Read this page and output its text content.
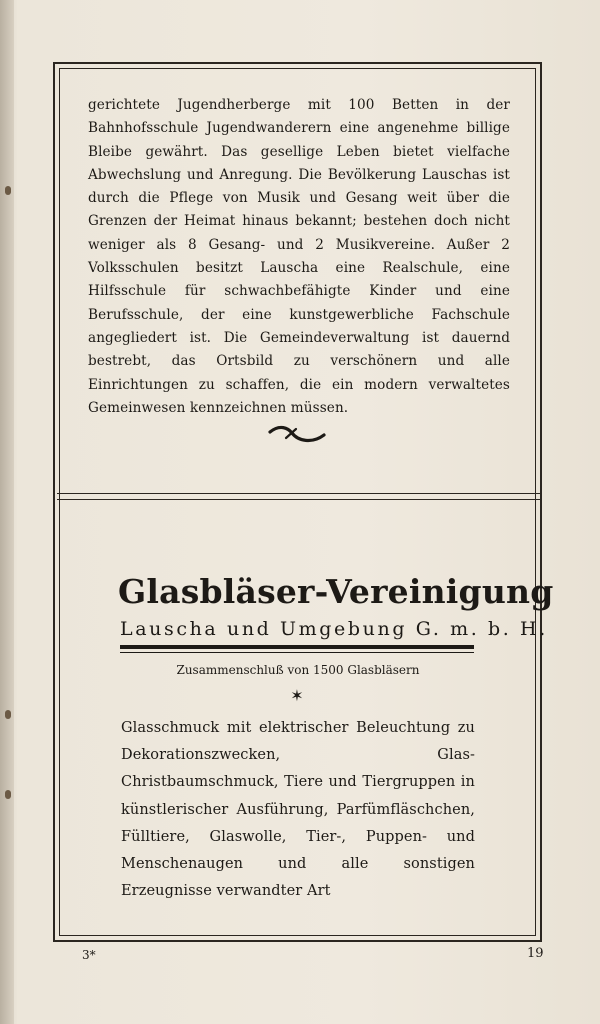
gerichtete Jugendherberge mit 100 Betten in der Bahnhofsschule Jugendwanderern eine angenehme billige Bleibe gewährt. Das gesellige Leben bietet vielfache Abwechslung und Anregung. Die Bevölkerung Lauschas ist durch die Pflege von Musik und Gesang weit über die Grenzen der Heimat hinaus bekannt; bestehen doch nicht weniger als 8 Gesang- und 2 Musikvereine. Außer 2 Volksschulen besitzt Lauscha eine Realschule, eine Hilfsschule für schwachbefähigte Kinder und eine Berufsschule, der eine kunstgewerbliche Fachschule angegliedert ist. Die Gemeindeverwaltung ist dauernd bestrebt, das Ortsbild zu verschönern und alle Einrichtungen zu schaffen, die ein modern verwaltetes Gemeinwesen kennzeichnen müssen.
Glasbläser-Vereinigung
Lauscha und Umgebung G. m. b. H.
Zusammenschluß von 1500 Glasbläsern
✶
Glasschmuck mit elektrischer Beleuchtung zu Dekorationszwecken, Glas-Christbaumschmuck, Tiere und Tiergruppen in künstlerischer Ausführung, Parfümfläschchen, Fülltiere, Glaswolle, Tier-, Puppen- und Menschenaugen und alle sonstigen Erzeugnisse verwandter Art
3*	19
